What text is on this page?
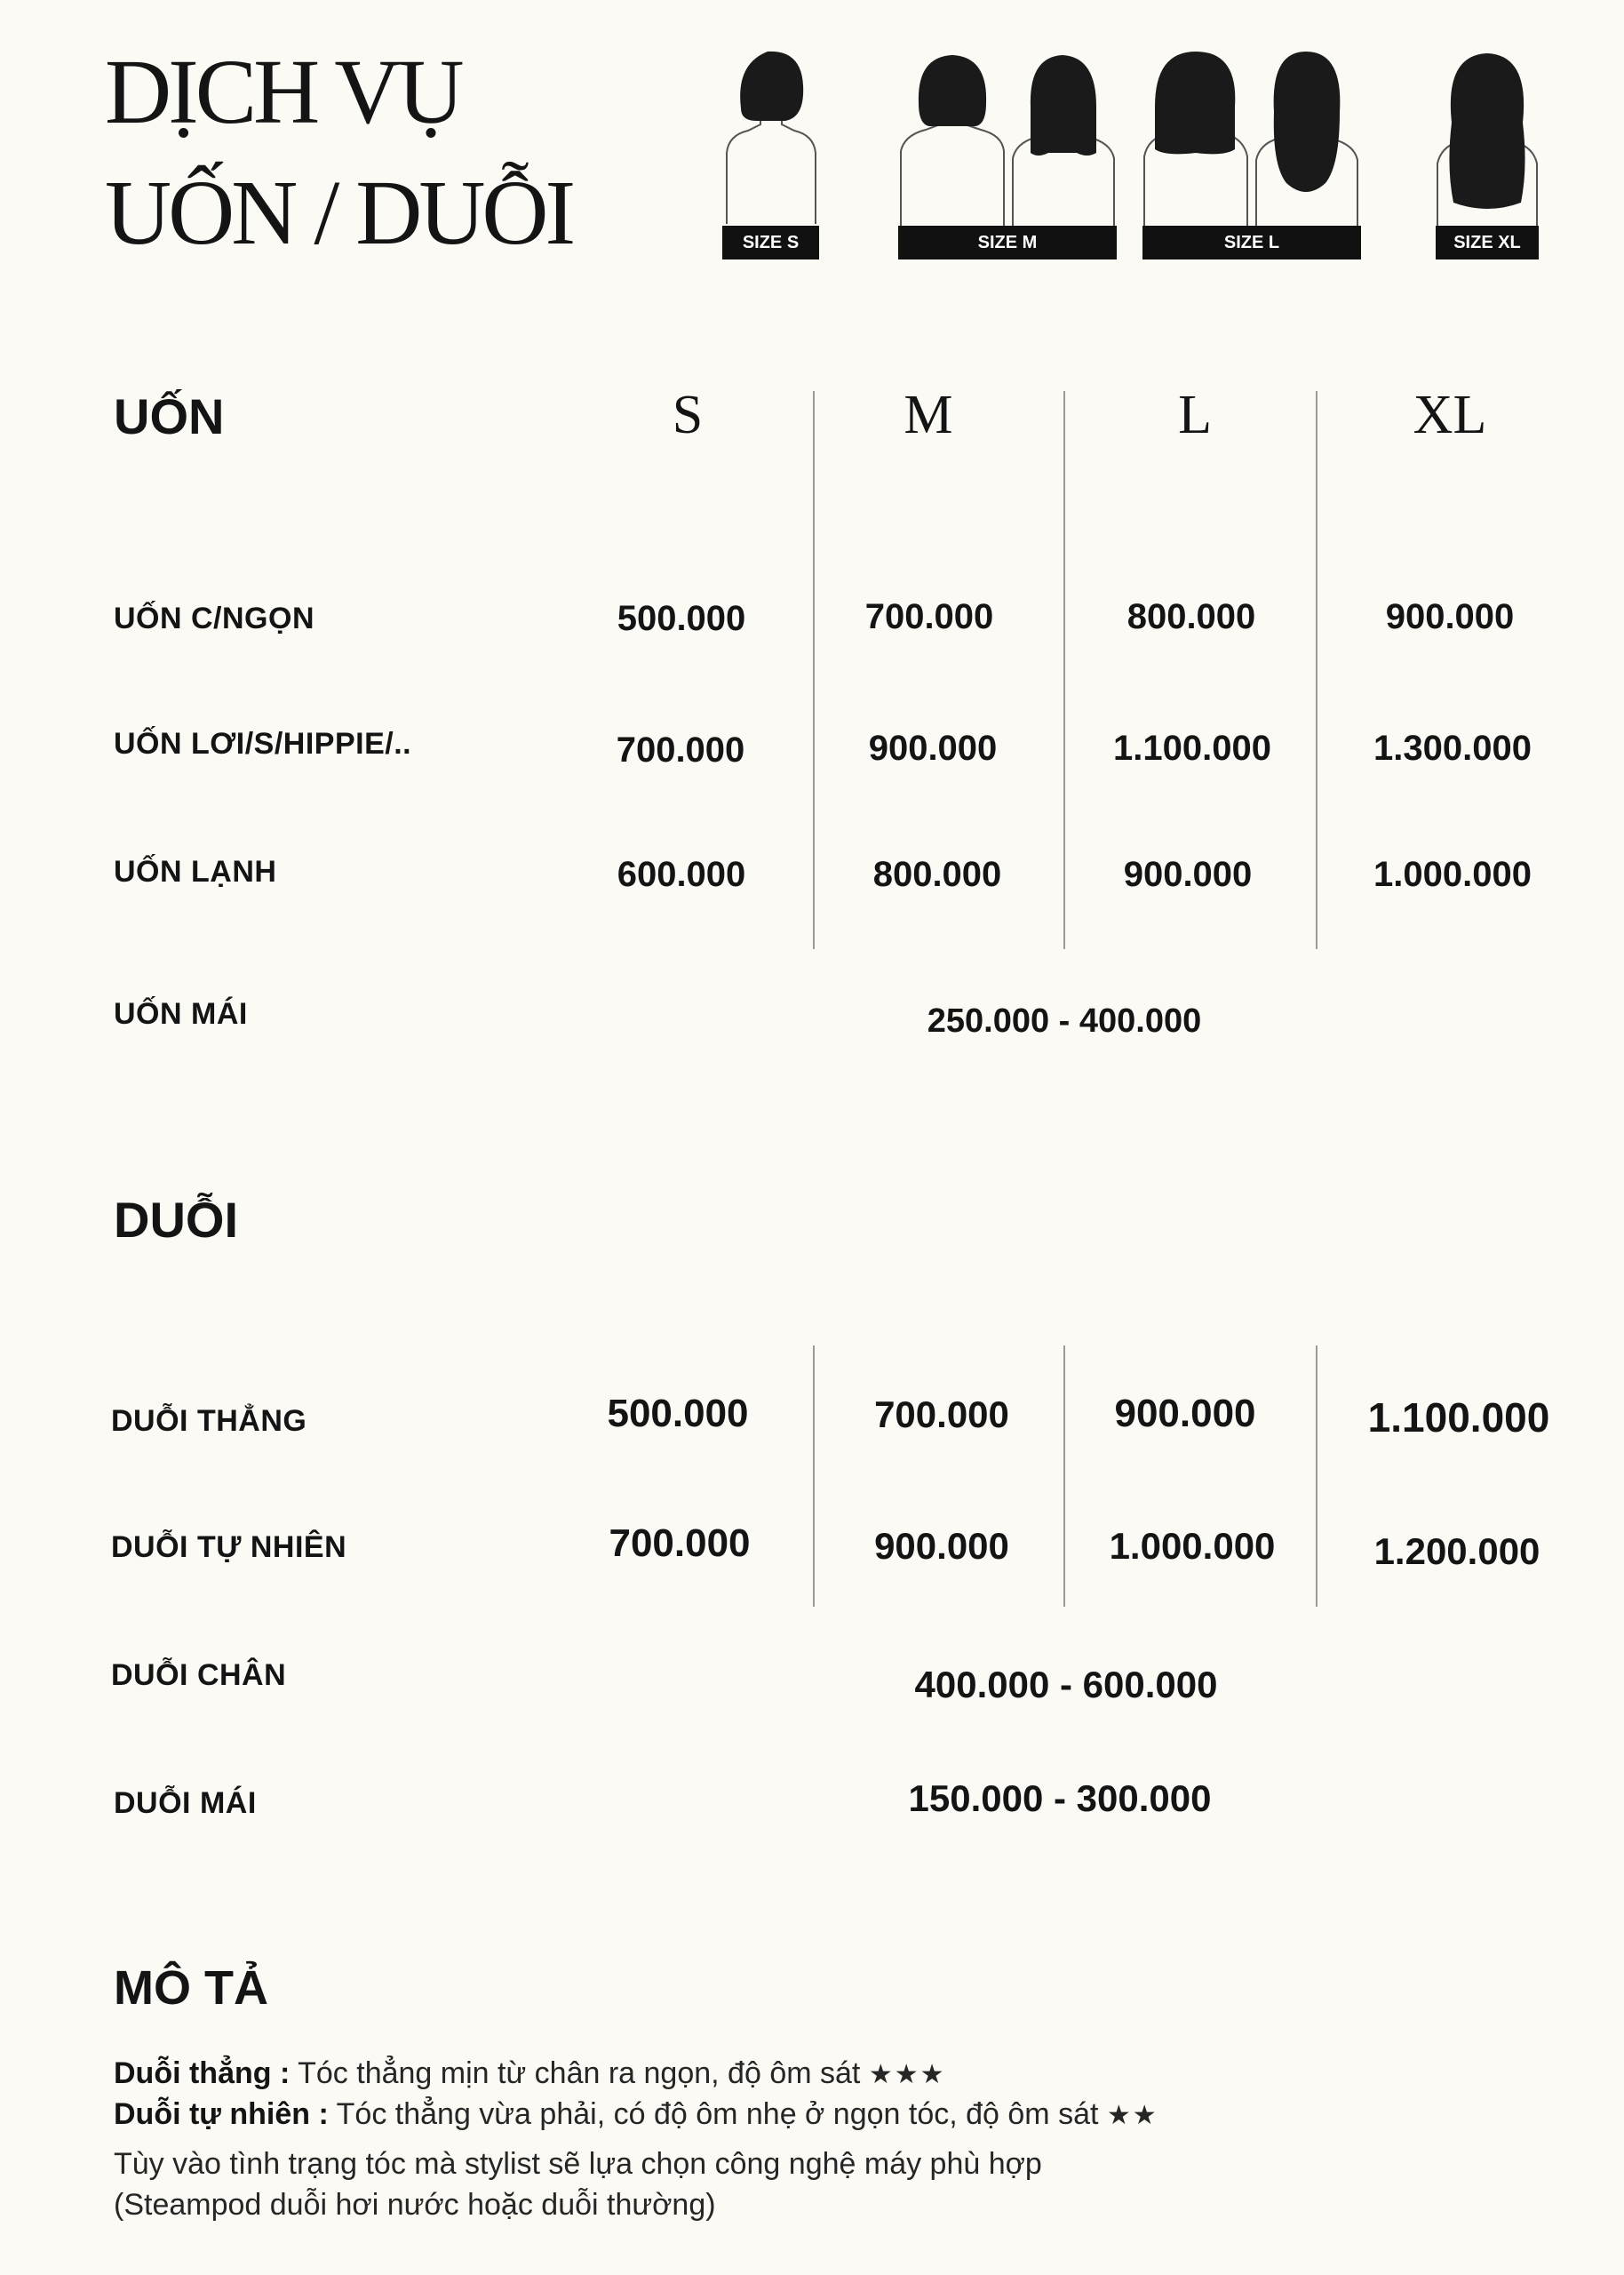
DỊCH VỤ
UỐN / DUỖI	SIZE S	SIZE M	SIZE L	SIZE XL
UỐN	S	M	L	XL
UỐN C/NGỌN	500.000	700.000	800.000	900.000
UỐN LƠI/S/HIPPIE/..	700.000	900.000	1.100.000	1.300.000
UỐN LẠNH	600.000	800.000	900.000	1.000.000
UỐN MÁI	250.000 - 400.000
DUỖI
DUỖI THẲNG	500.000	700.000	900.000	1.100.000
DUỖI TỰ NHIÊN	700.000	900.000	1.000.000	1.200.000
DUỖI CHÂN	400.000 - 600.000
DUỖI MÁI	150.000 - 300.000
MÔ TẢ
Duỗi thẳng : Tóc thẳng mịn từ chân ra ngọn, độ ôm sát ★★★
Duỗi tự nhiên : Tóc thẳng vừa phải, có độ ôm nhẹ ở ngọn tóc, độ ôm sát ★★
Tùy vào tình trạng tóc mà stylist sẽ lựa chọn công nghệ máy phù hợp
(Steampod duỗi hơi nước hoặc duỗi thường)
